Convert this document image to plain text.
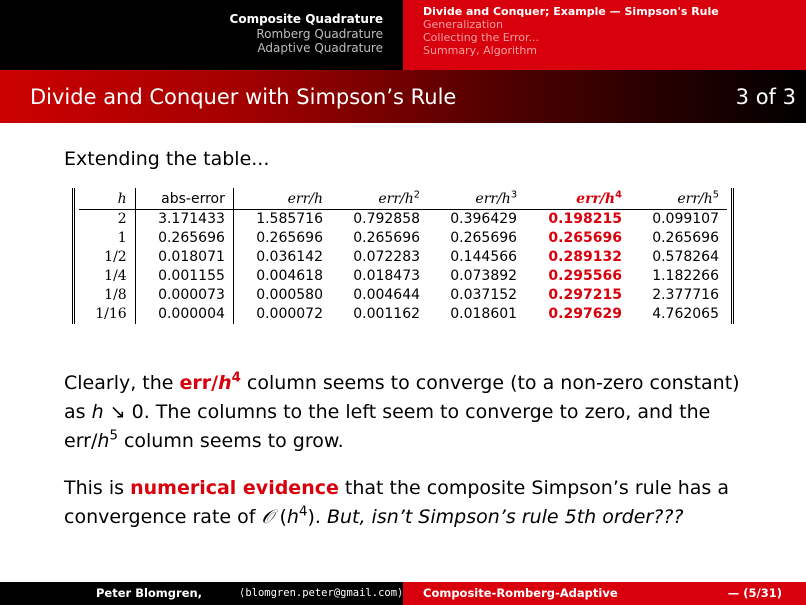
Composite Quadrature
Romberg Quadrature
Adaptive Quadrature
Divide and Conquer; Example — Simpson's Rule
Generalization
Collecting the Error...
Summary, Algorithm
Divide and Conquer with Simpson’s Rule	3 of 3
Extending the table...
h	abs-error	err/h	err/$h^2$	err/$h^3$	err/$h^4$	err/$h^5$
2	3.171433	1.585716	0.792858	0.396429	0.198215	0.099107
1	0.265696	0.265696	0.265696	0.265696	0.265696	0.265696
1/2	0.018071	0.036142	0.072283	0.144566	0.289132	0.578264
1/4	0.001155	0.004618	0.018473	0.073892	0.295566	1.182266
1/8	0.000073	0.000580	0.004644	0.037152	0.297215	2.377716
1/16	0.000004	0.000072	0.001162	0.018601	0.297629	4.762065
Clearly, the err/$h^4$ column seems to converge (to a non-zero constant) as h ↘ 0. The columns to the left seem to converge to zero, and the err/$h^5$ column seems to grow.
This is numerical evidence that the composite Simpson’s rule has a convergence rate of 𝒪 $(h^4)$. But, isn’t Simpson’s rule 5th order???
Peter Blomgren,	⟨blomgren.peter@gmail.com⟩ Composite-Romberg-Adaptive	— (5/31)
